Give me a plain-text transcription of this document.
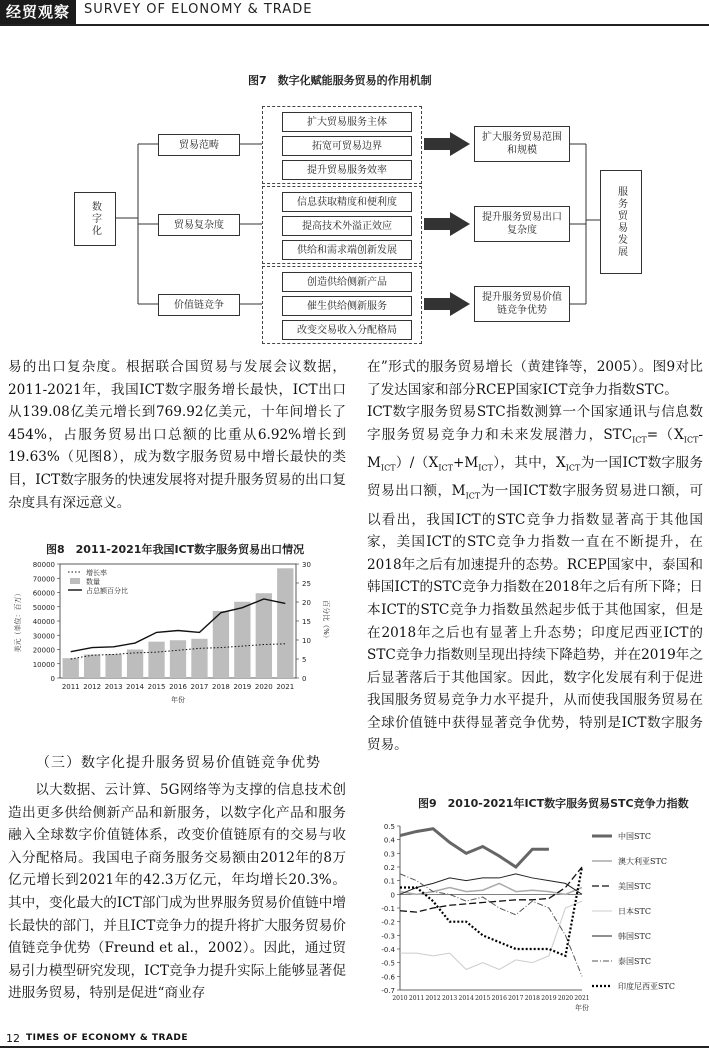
经贸观察	SURVEY OF ELONOMY & TRADE
图7　数字化赋能服务贸易的作用机制
数字化	服务贸易发展
扩大贸易服务主体
拓宽可贸易边界
提升贸易服务效率
贸易范畴
扩大服务贸易范围和规模
信息获取精度和便利度
提高技术外溢正效应
供给和需求端创新发展
贸易复杂度
提升服务贸易出口复杂度
创造供给侧新产品
催生供给侧新服务
改变交易收入分配格局
价值链竞争
提升服务贸易价值链竞争优势

易的出口复杂度。根据联合国贸易与发展会议数据，2011-2021年，我国ICT数字服务增长最快，ICT出口从139.08亿美元增长到769.92亿美元，十年间增长了454%，占服务贸易出口总额的比重从6.92%增长到19.63%（见图8），成为数字服务贸易中增长最快的类目，ICT数字服务的快速发展将对提升服务贸易的出口复杂度具有深远意义。

图8　2011-2021年我国ICT数字服务贸易出口情况
0
10000
20000
30000
40000
50000
60000
70000
80000
0
5
10
15
20
25
30
2011 2012 2013 2014 2015 2016 2017 2018 2019 2020 2021
年份
美元（单位：百万）	百分比（%）
增长率
数量
占总额百分比
（三）数字化提升服务贸易价值链竞争优势

以大数据、云计算、5G网络等为支撑的信息技术创造出更多供给侧新产品和新服务，以数字化产品和服务融入全球数字价值链体系，改变价值链原有的交易与收入分配格局。我国电子商务服务交易额由2012年的8万亿元增长到2021年的42.3万亿元，年均增长20.3%。其中，变化最大的ICT部门成为世界服务贸易价值链中增长最快的部门，并且ICT竞争力的提升将扩大服务贸易价值链竞争优势（Freund et al.，2002）。因此，通过贸易引力模型研究发现，ICT竞争力提升实际上能够显著促进服务贸易，特别是促进“商业存

在”形式的服务贸易增长（黄建锋等，2005）。图9对比了发达国家和部分RCEP国家ICT竞争力指数STC。

ICT数字服务贸易STC指数测算一个国家通讯与信息数字服务贸易竞争力和未来发展潜力，$STC_{ICT}=(X_{ICT}-M_{ICT})/(X_{ICT}+M_{ICT})$，其中，$X_{ICT}$为一国ICT数字服务贸易出口额，$M_{ICT}$为一国ICT数字服务贸易进口额，可以看出，我国ICT的STC竞争力指数显著高于其他国家，美国ICT的STC竞争力指数一直在不断提升，在2018年之后有加速提升的态势。RCEP国家中，泰国和韩国ICT的STC竞争力指数在2018年之后有所下降；日本ICT的STC竞争力指数虽然起步低于其他国家，但是在2018年之后也有显著上升态势；印度尼西亚ICT的STC竞争力指数则呈现出持续下降趋势，并在2019年之后显著落后于其他国家。因此，数字化发展有利于促进我国服务贸易竞争力水平提升，从而使我国服务贸易在全球价值链中获得显著竞争优势，特别是ICT数字服务贸易。

图9　2010-2021年ICT数字服务贸易STC竞争力指数
0.5
0.4
0.3
0.2
0.1
0
-0.1
-0.2
-0.3
-0.4
-0.5
-0.6
-0.7
2010 2011 2012 2013 2014 2015 2016 2017 2018 2019 2020 2021
年份
中国STC
澳大利亚STC
美国STC
日本STC
韩国STC
泰国STC
印度尼西亚STC
12 TIMES OF ECONOMY & TRADE
